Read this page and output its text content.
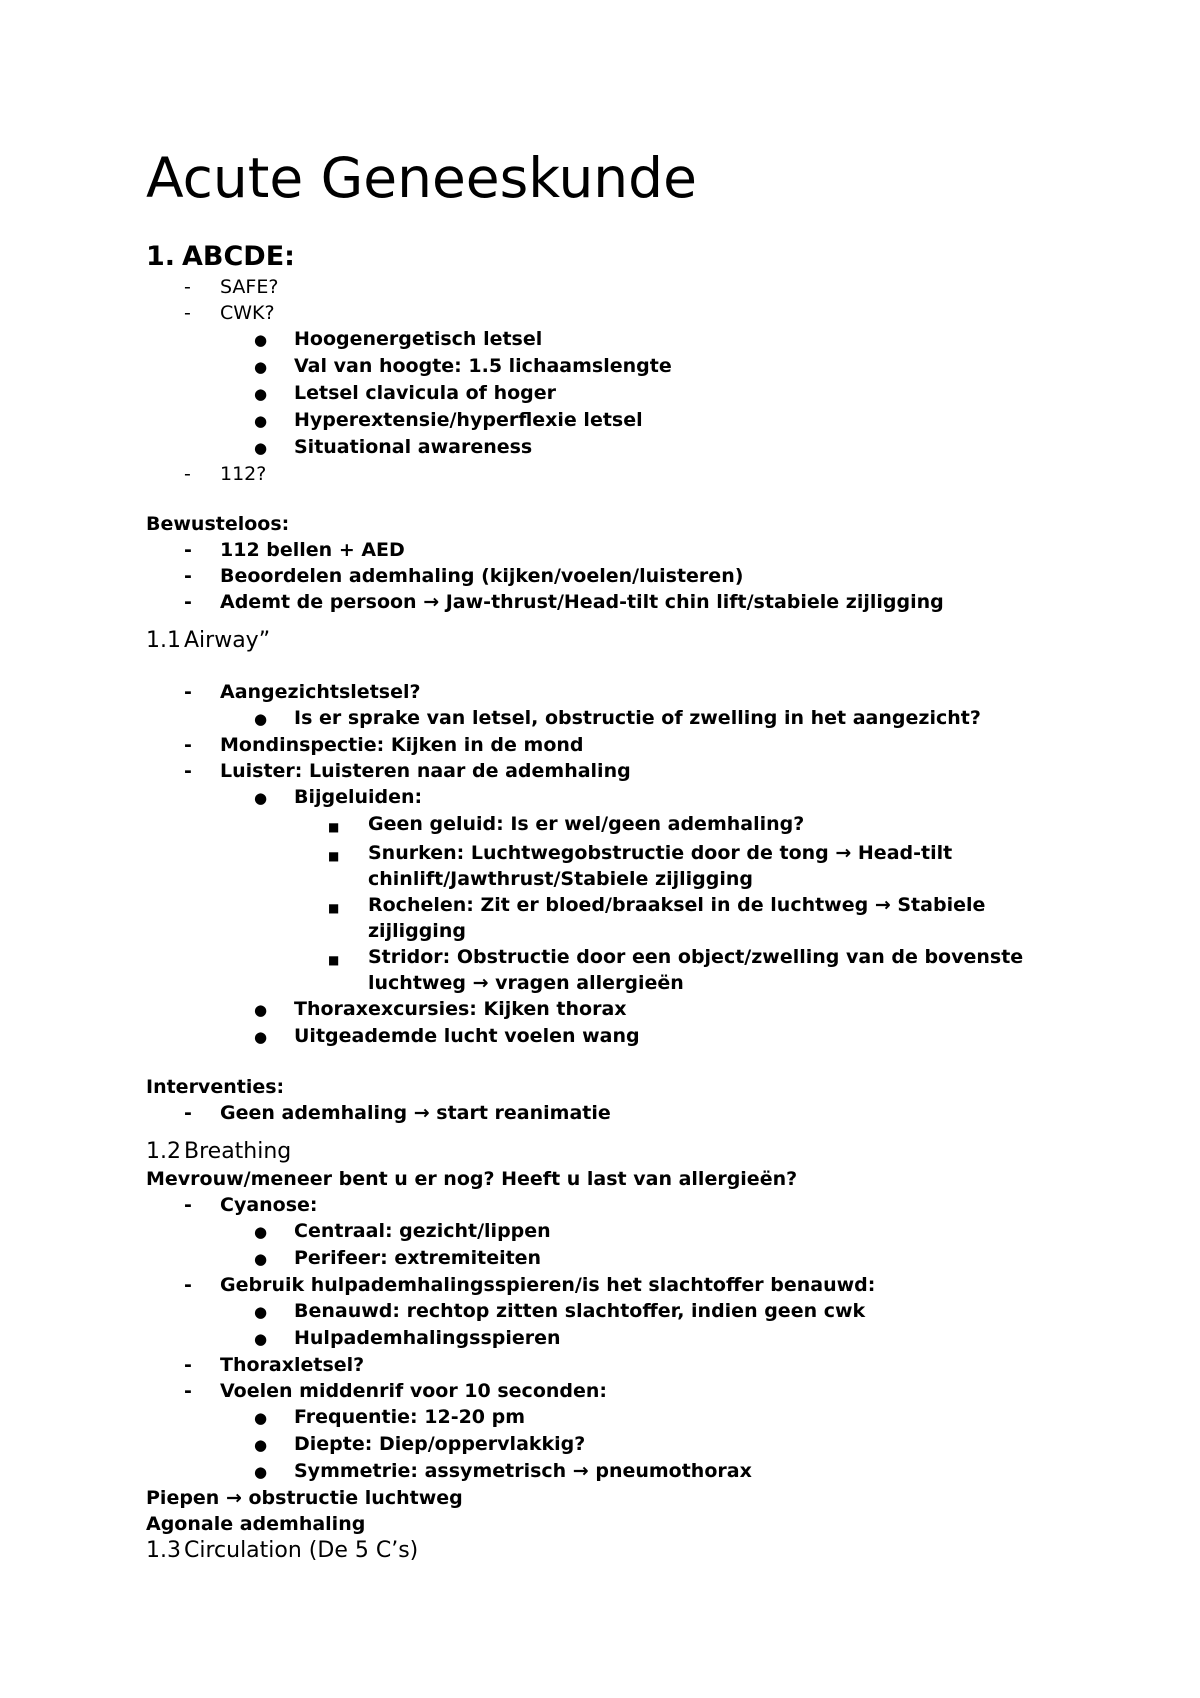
Acute Geneeskunde
1. ABCDE:
-	SAFE?
-	CWK?
●	Hoogenergetisch letsel
●	Val van hoogte: 1.5 lichaamslengte
●	Letsel clavicula of hoger
●	Hyperextensie/hyperflexie letsel
●	Situational awareness
-	112?
Bewusteloos:
-	112 bellen + AED
-	Beoordelen ademhaling (kijken/voelen/luisteren)
-	Ademt de persoon → Jaw-thrust/Head-tilt chin lift/stabiele zijligging
1.1 Airway”
-	Aangezichtsletsel?
●	Is er sprake van letsel, obstructie of zwelling in het aangezicht?
-	Mondinspectie: Kijken in de mond
-	Luister: Luisteren naar de ademhaling
●	Bijgeluiden:
■	Geen geluid: Is er wel/geen ademhaling?
■	Snurken: Luchtwegobstructie door de tong → Head-tilt chinlift/Jawthrust/Stabiele zijligging
■	Rochelen: Zit er bloed/braaksel in de luchtweg → Stabiele zijligging
■	Stridor: Obstructie door een object/zwelling van de bovenste luchtweg → vragen allergieën
●	Thoraxexcursies: Kijken thorax
●	Uitgeademde lucht voelen wang
Interventies:
-	Geen ademhaling → start reanimatie
1.2 Breathing
Mevrouw/meneer bent u er nog? Heeft u last van allergieën?
-	Cyanose:
●	Centraal: gezicht/lippen
●	Perifeer: extremiteiten
-	Gebruik hulpademhalingsspieren/is het slachtoffer benauwd:
●	Benauwd: rechtop zitten slachtoffer, indien geen cwk
●	Hulpademhalingsspieren
-	Thoraxletsel?
-	Voelen middenrif voor 10 seconden:
●	Frequentie: 12-20 pm
●	Diepte: Diep/oppervlakkig?
●	Symmetrie: assymetrisch → pneumothorax
Piepen → obstructie luchtweg
Agonale ademhaling
1.3 Circulation (De 5 C’s)
